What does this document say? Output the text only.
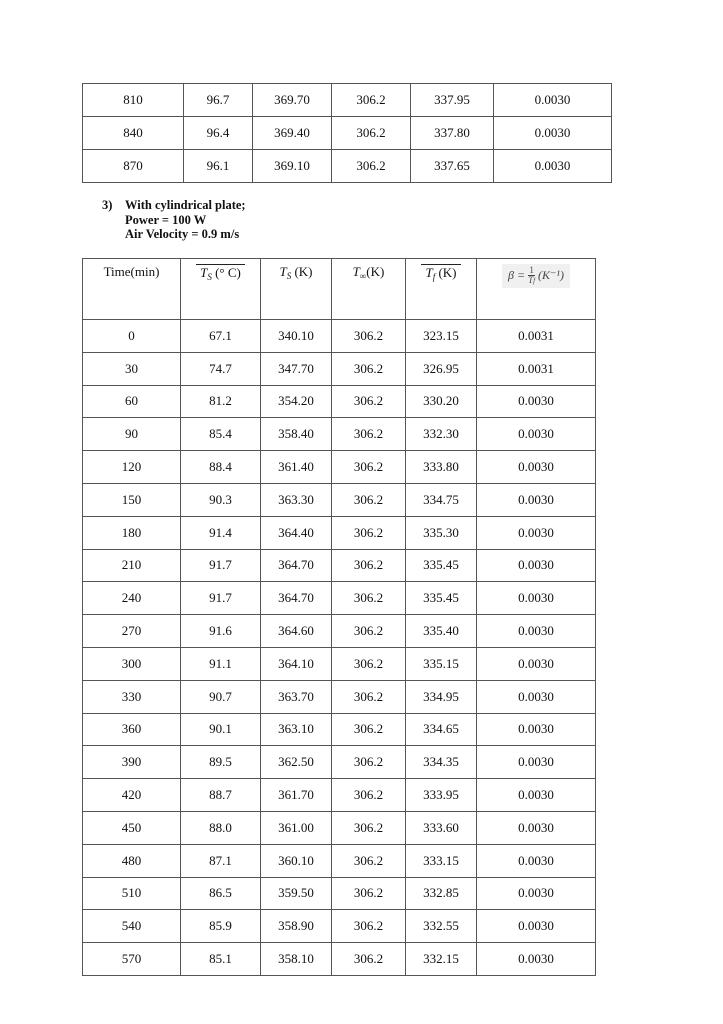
810	96.7	369.70	306.2	337.95	0.0030
840	96.4	369.40	306.2	337.80	0.0030
870	96.1	369.10	306.2	337.65	0.0030
3) With cylindrical plate;
Power = 100 W
Air Velocity = 0.9 m/s
Time(min)	$T_S$ (° C)	$T_S$ (K)	$T_\infty(K)$	$T_f$ (K)	$\beta = \frac{1}{Tf} (K^{-1})$
0	67.1	340.10	306.2	323.15	0.0031
30	74.7	347.70	306.2	326.95	0.0031
60	81.2	354.20	306.2	330.20	0.0030
90	85.4	358.40	306.2	332.30	0.0030
120	88.4	361.40	306.2	333.80	0.0030
150	90.3	363.30	306.2	334.75	0.0030
180	91.4	364.40	306.2	335.30	0.0030
210	91.7	364.70	306.2	335.45	0.0030
240	91.7	364.70	306.2	335.45	0.0030
270	91.6	364.60	306.2	335.40	0.0030
300	91.1	364.10	306.2	335.15	0.0030
330	90.7	363.70	306.2	334.95	0.0030
360	90.1	363.10	306.2	334.65	0.0030
390	89.5	362.50	306.2	334.35	0.0030
420	88.7	361.70	306.2	333.95	0.0030
450	88.0	361.00	306.2	333.60	0.0030
480	87.1	360.10	306.2	333.15	0.0030
510	86.5	359.50	306.2	332.85	0.0030
540	85.9	358.90	306.2	332.55	0.0030
570	85.1	358.10	306.2	332.15	0.0030
